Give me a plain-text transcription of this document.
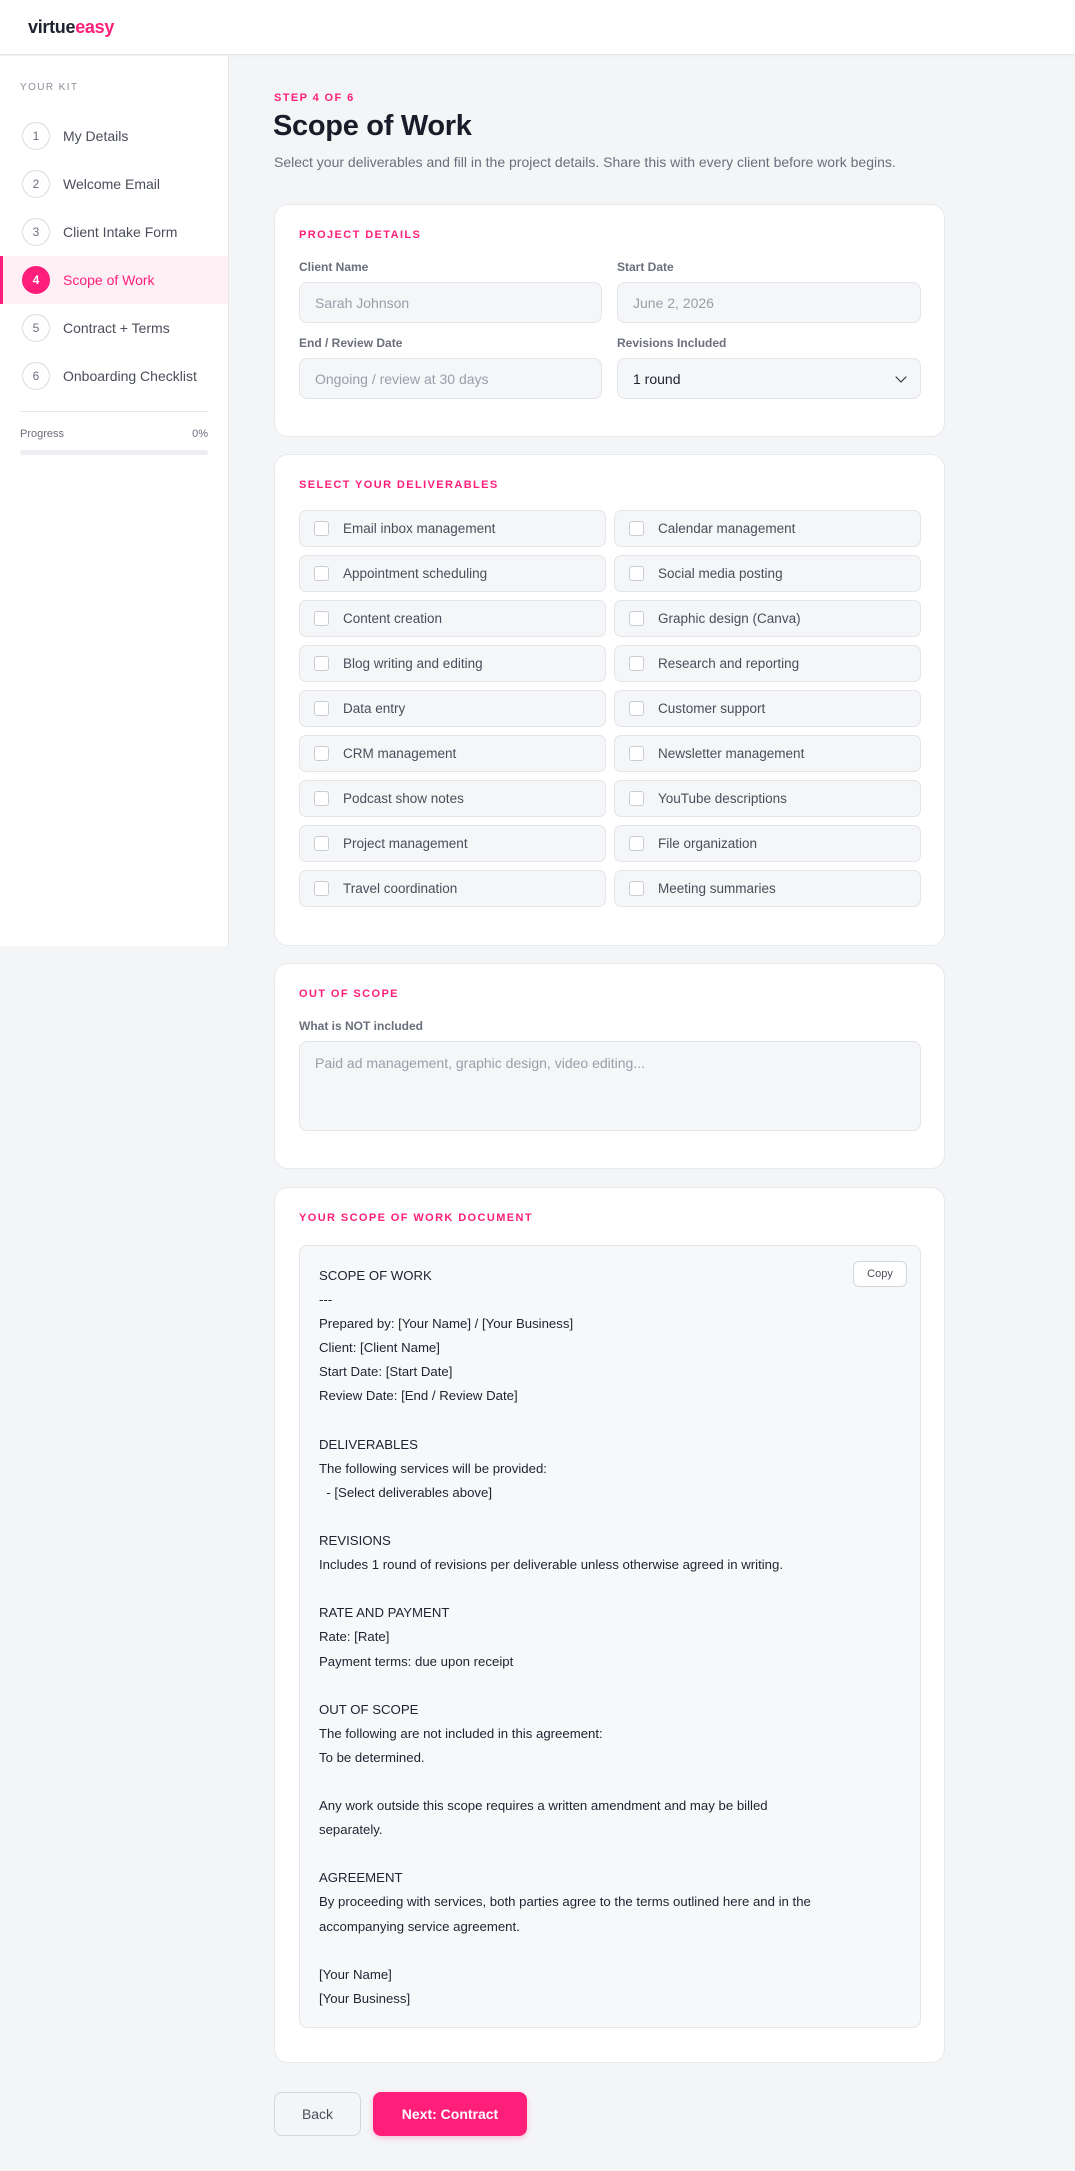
virtueeasy
YOUR KIT
1	My Details
2	Welcome Email
3	Client Intake Form
4	Scope of Work
5	Contract + Terms
6	Onboarding Checklist
Progress	0%
STEP 4 OF 6
Scope of Work
Select your deliverables and fill in the project details. Share this with every client before work begins.
PROJECT DETAILS
Client Name
Sarah Johnson
Start Date
June 2, 2026
End / Review Date
Ongoing / review at 30 days
Revisions Included
1 round
SELECT YOUR DELIVERABLES
Email inbox management	Calendar management
Appointment scheduling	Social media posting
Content creation	Graphic design (Canva)
Blog writing and editing	Research and reporting
Data entry	Customer support
CRM management	Newsletter management
Podcast show notes	YouTube descriptions
Project management	File organization
Travel coordination	Meeting summaries
OUT OF SCOPE
What is NOT included
Paid ad management, graphic design, video editing...
YOUR SCOPE OF WORK DOCUMENT
Copy
SCOPE OF WORK
---
Prepared by: [Your Name] / [Your Business]
Client: [Client Name]
Start Date: [Start Date]
Review Date: [End / Review Date]
DELIVERABLES
The following services will be provided:
- [Select deliverables above]
REVISIONS
Includes 1 round of revisions per deliverable unless otherwise agreed in writing.
RATE AND PAYMENT
Rate: [Rate]
Payment terms: due upon receipt
OUT OF SCOPE
The following are not included in this agreement:
To be determined.
Any work outside this scope requires a written amendment and may be billed
separately.
AGREEMENT
By proceeding with services, both parties agree to the terms outlined here and in the
accompanying service agreement.
[Your Name]
[Your Business]
Back	Next: Contract
